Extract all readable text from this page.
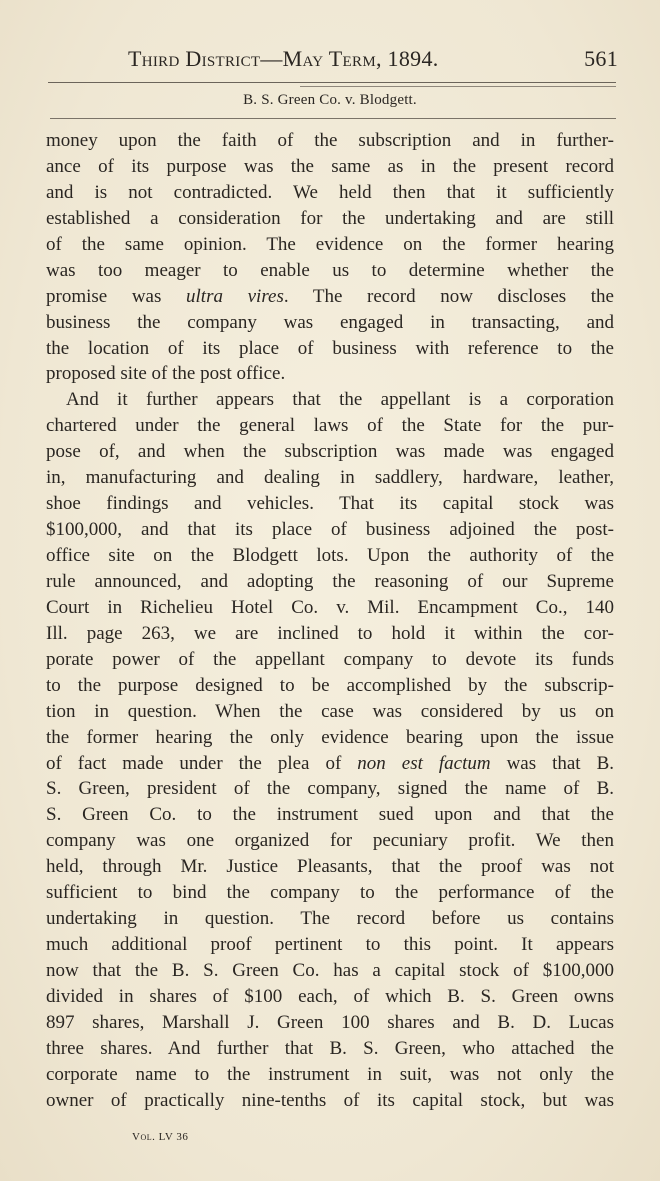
Third District—May Term, 1894.	561
B. S. Green Co. v. Blodgett.
money upon the faith of the subscription and in further-
ance of its purpose was the same as in the present record
and is not contradicted. We held then that it sufficiently
established a consideration for the undertaking and are still
of the same opinion. The evidence on the former hearing
was too meager to enable us to determine whether the
promise was ultra vires. The record now discloses the
business the company was engaged in transacting, and
the location of its place of business with reference to the
proposed site of the post office.
And it further appears that the appellant is a corporation
chartered under the general laws of the State for the pur-
pose of, and when the subscription was made was engaged
in, manufacturing and dealing in saddlery, hardware, leather,
shoe findings and vehicles. That its capital stock was
$100,000, and that its place of business adjoined the post-
office site on the Blodgett lots. Upon the authority of the
rule announced, and adopting the reasoning of our Supreme
Court in Richelieu Hotel Co. v. Mil. Encampment Co., 140
Ill. page 263, we are inclined to hold it within the cor-
porate power of the appellant company to devote its funds
to the purpose designed to be accomplished by the subscrip-
tion in question. When the case was considered by us on
the former hearing the only evidence bearing upon the issue
of fact made under the plea of non est factum was that B.
S. Green, president of the company, signed the name of B.
S. Green Co. to the instrument sued upon and that the
company was one organized for pecuniary profit. We then
held, through Mr. Justice Pleasants, that the proof was not
sufficient to bind the company to the performance of the
undertaking in question. The record before us contains
much additional proof pertinent to this point. It appears
now that the B. S. Green Co. has a capital stock of $100,000
divided in shares of $100 each, of which B. S. Green owns
897 shares, Marshall J. Green 100 shares and B. D. Lucas
three shares. And further that B. S. Green, who attached the
corporate name to the instrument in suit, was not only the
owner of practically nine-tenths of its capital stock, but was
Vol. LV 36
